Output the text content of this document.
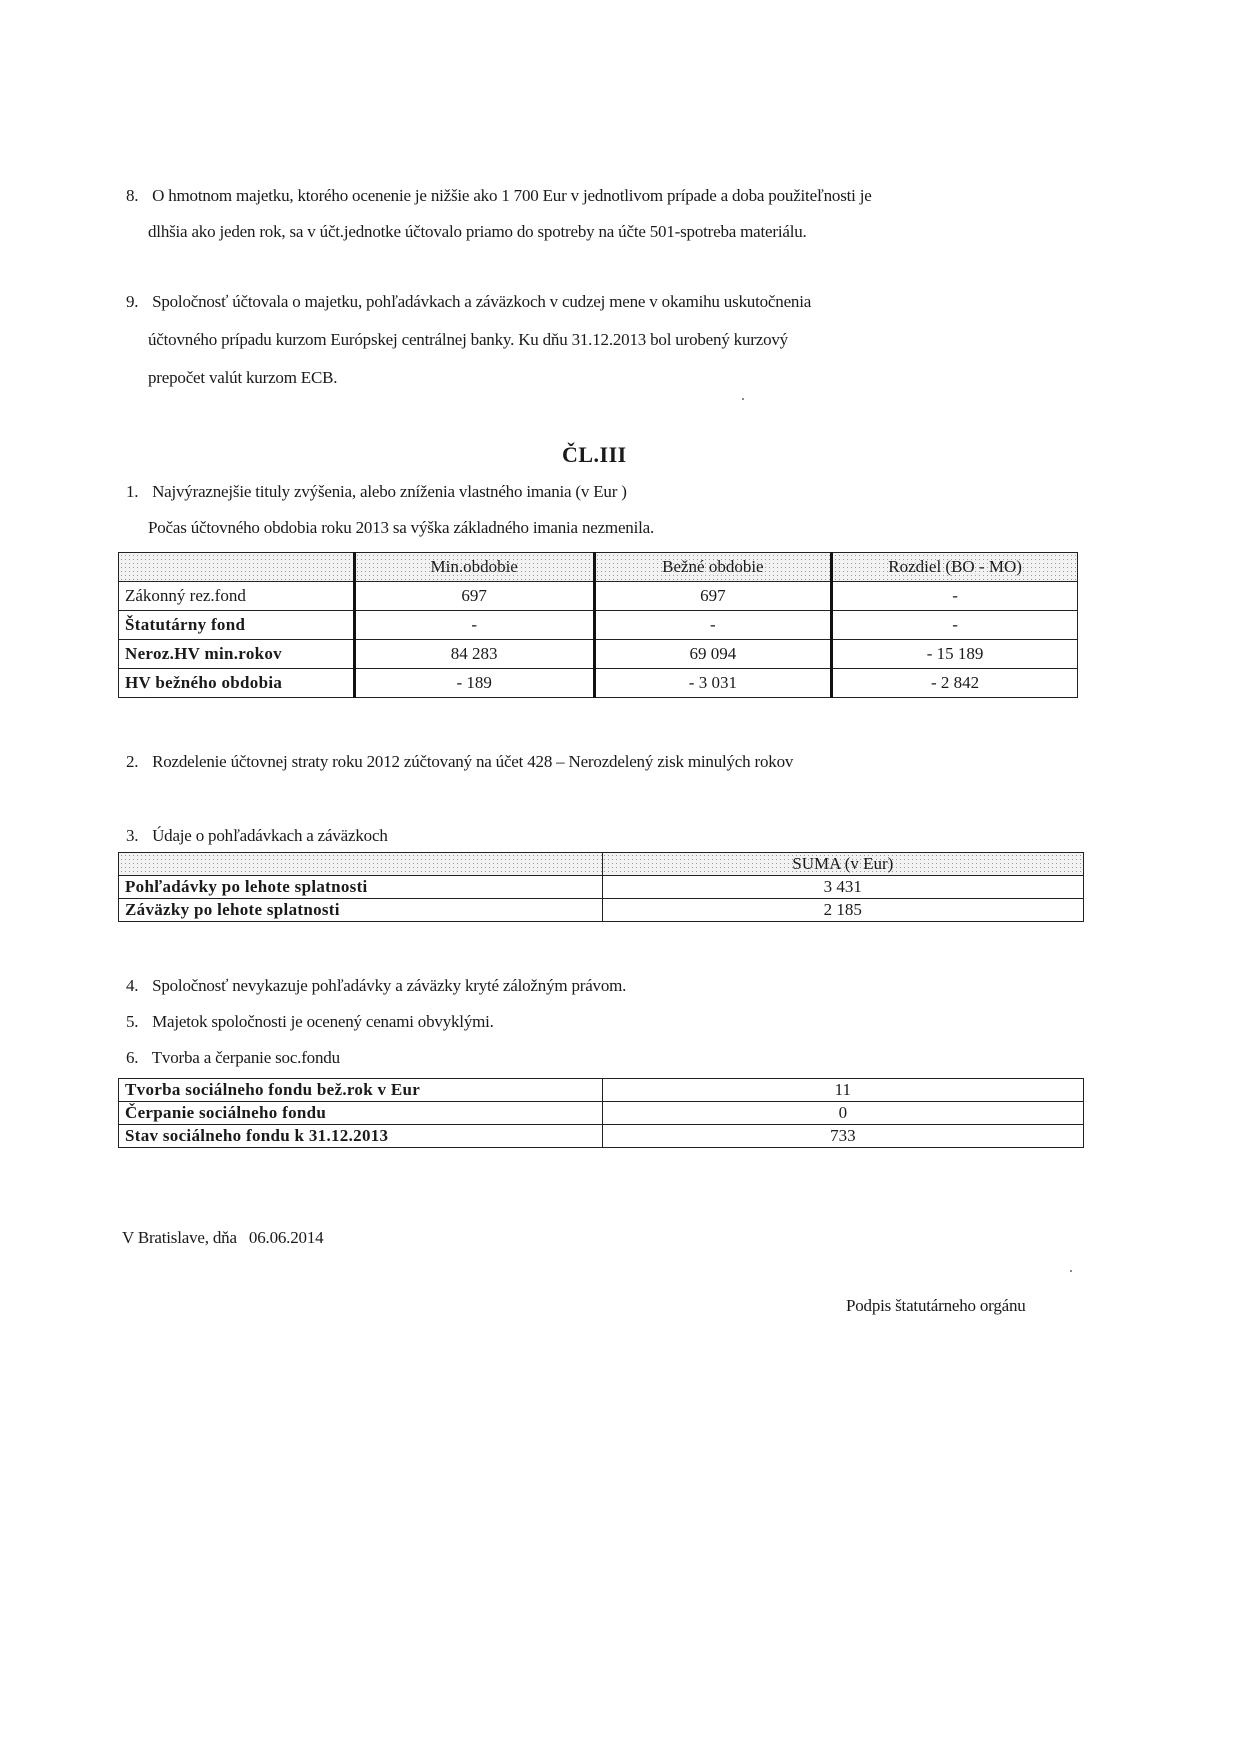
8. O hmotnom majetku, ktorého ocenenie je nižšie ako 1 700 Eur v jednotlivom prípade a doba použiteľnosti je
dlhšia ako jeden rok, sa v účt.jednotke účtovalo priamo do spotreby na účte 501-spotreba materiálu.
9. Spoločnosť účtovala o majetku, pohľadávkach a záväzkoch v cudzej mene v okamihu uskutočnenia
účtovného prípadu kurzom Európskej centrálnej banky. Ku dňu 31.12.2013 bol urobený kurzový
prepočet valút kurzom ECB.
ČL.III
1. Najvýraznejšie tituly zvýšenia, alebo zníženia vlastného imania (v Eur )
Počas účtovného obdobia roku 2013 sa výška základného imania nezmenila.
	Min.obdobie	Bežné obdobie	Rozdiel (BO - MO)
Zákonný rez.fond	697	697	-
Štatutárny fond	-	-	-
Neroz.HV min.rokov	84 283	69 094	- 15 189
HV bežného obdobia	- 189	- 3 031	- 2 842
2. Rozdelenie účtovnej straty roku 2012 zúčtovaný na účet 428 – Nerozdelený zisk minulých rokov
3. Údaje o pohľadávkach a záväzkoch
	SUMA (v Eur)
Pohľadávky po lehote splatnosti	3 431
Záväzky po lehote splatnosti	2 185
4. Spoločnosť nevykazuje pohľadávky a záväzky kryté záložným právom.
5. Majetok spoločnosti je ocenený cenami obvyklými.
6. Tvorba a čerpanie soc.fondu
Tvorba sociálneho fondu bež.rok v Eur	11
Čerpanie sociálneho fondu	0
Stav sociálneho fondu k 31.12.2013	733
V Bratislave, dňa   06.06.2014
Podpis štatutárneho orgánu
